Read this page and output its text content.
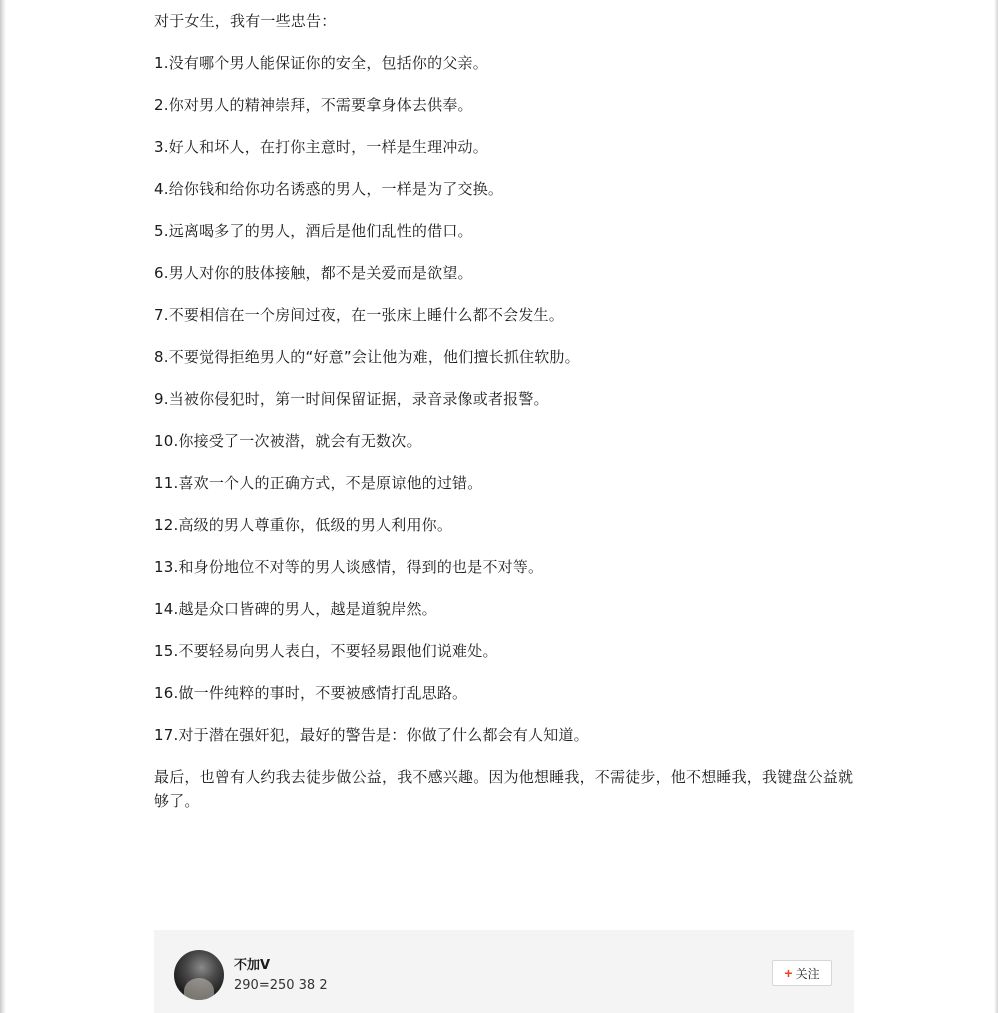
对于女生，我有一些忠告：

1.没有哪个男人能保证你的安全，包括你的父亲。

2.你对男人的精神崇拜，不需要拿身体去供奉。

3.好人和坏人，在打你主意时，一样是生理冲动。

4.给你钱和给你功名诱惑的男人，一样是为了交换。

5.远离喝多了的男人，酒后是他们乱性的借口。

6.男人对你的肢体接触，都不是关爱而是欲望。

7.不要相信在一个房间过夜，在一张床上睡什么都不会发生。

8.不要觉得拒绝男人的“好意”会让他为难，他们擅长抓住软肋。

9.当被你侵犯时，第一时间保留证据，录音录像或者报警。

10.你接受了一次被潜，就会有无数次。

11.喜欢一个人的正确方式，不是原谅他的过错。

12.高级的男人尊重你，低级的男人利用你。

13.和身份地位不对等的男人谈感情，得到的也是不对等。

14.越是众口皆碑的男人，越是道貌岸然。

15.不要轻易向男人表白，不要轻易跟他们说难处。

16.做一件纯粹的事时，不要被感情打乱思路。

17.对于潜在强奸犯，最好的警告是：你做了什么都会有人知道。

最后，也曾有人约我去徒步做公益，我不感兴趣。因为他想睡我，不需徒步，他不想睡我，我键盘公益就够了。

不加V
290=250 38 2
+ 关注
